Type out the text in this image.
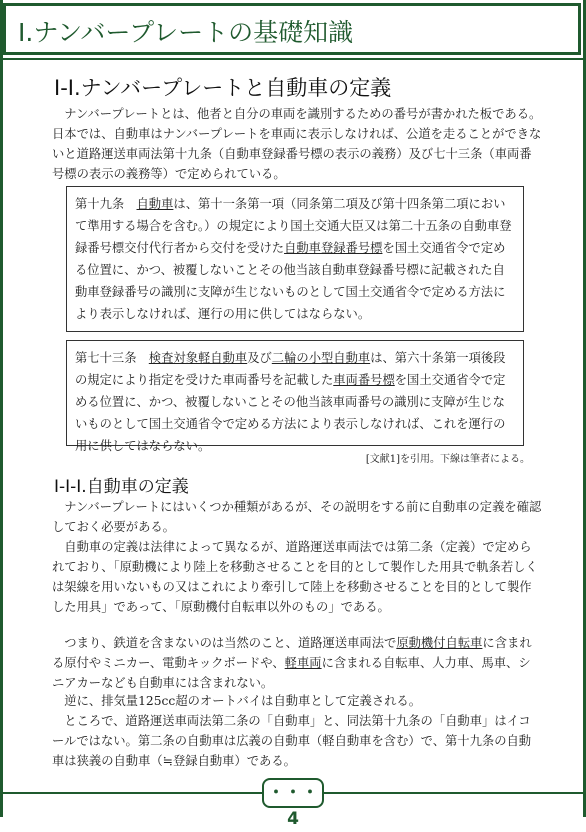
I.ナンバープレートの基礎知識
I-I.ナンバープレートと自動車の定義

ナンバープレートとは、他者と自分の車両を識別するための番号が書かれた板である。日本では、自動車はナンバープレートを車両に表示しなければ、公道を走ることができないと道路運送車両法第十九条（自動車登録番号標の表示の義務）及び七十三条（車両番号標の表示の義務等）で定められている。

第十九条　自動車は、第十一条第一項（同条第二項及び第十四条第二項において準用する場合を含む。）の規定により国土交通大臣又は第二十五条の自動車登録番号標交付代行者から交付を受けた自動車登録番号標を国土交通省令で定める位置に、かつ、被覆しないことその他当該自動車登録番号標に記載された自動車登録番号の識別に支障が生じないものとして国土交通省令で定める方法により表示しなければ、運行の用に供してはならない。
第七十三条　検査対象軽自動車及び二輪の小型自動車は、第六十条第一項後段の規定により指定を受けた車両番号を記載した車両番号標を国土交通省令で定める位置に、かつ、被覆しないことその他当該車両番号の識別に支障が生じないものとして国土交通省令で定める方法により表示しなければ、これを運行の用に供してはならない。
[文献1]を引用。下線は筆者による。
I-I-I.自動車の定義

ナンバープレートにはいくつか種類があるが、その説明をする前に自動車の定義を確認しておく必要がある。

自動車の定義は法律によって異なるが、道路運送車両法では第二条（定義）で定められており、「原動機により陸上を移動させることを目的として製作した用具で軌条若しくは架線を用いないもの又はこれにより牽引して陸上を移動させることを目的として製作した用具」であって、「原動機付自転車以外のもの」である。

つまり、鉄道を含まないのは当然のこと、道路運送車両法で原動機付自転車に含まれる原付やミニカー、電動キックボードや、軽車両に含まれる自転車、人力車、馬車、シニアカーなども自動車には含まれない。

逆に、排気量125cc超のオートバイは自動車として定義される。

ところで、道路運送車両法第二条の「自動車」と、同法第十九条の「自動車」はイコールではない。第二条の自動車は広義の自動車（軽自動車を含む）で、第十九条の自動車は狭義の自動車（≒登録自動車）である。

・・・4
